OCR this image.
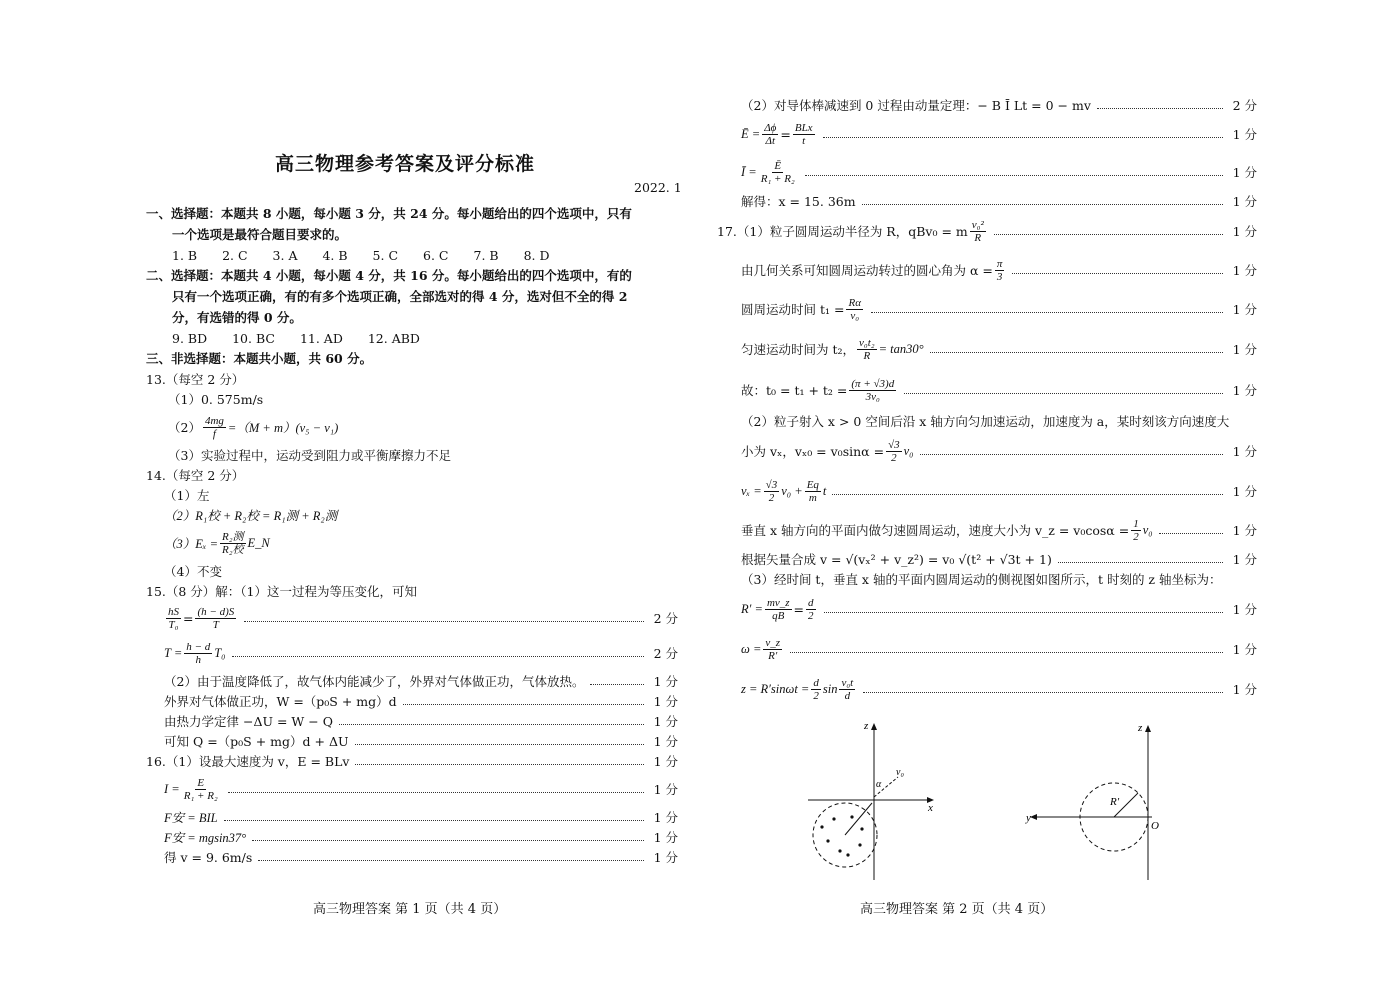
高三物理参考答案及评分标准
2022. 1
一、选择题：本题共 8 小题，每小题 3 分，共 24 分。每小题给出的四个选项中，只有
一个选项是最符合题目要求的。
1. B　　2. C　　3. A　　4. B　　5. C　　6. C　　7. B　　8. D
二、选择题：本题共 4 小题，每小题 4 分，共 16 分。每小题给出的四个选项中，有的
只有一个选项正确，有的有多个选项正确，全部选对的得 4 分，选对但不全的得 2
分，有选错的得 0 分。
9. BD　　10. BC　　11. AD　　12. ABD
三、非选择题：本题共小题，共 60 分。
13.（每空 2 分）
（1）0. 575m/s
$(2) \frac{4mg}{f} =(M + m)(v_5 - v_1)$
（3）实验过程中，运动受到阻力或平衡摩擦力不足
14.（每空 2 分）
（1）左
（2）R₁校 + R₂校 = R₁测 + R₂测
$(3)E_x = \frac{\text{R₂测}}{\text{R₂校}}$ E_N
（4）不变
15.（8 分）解：（1）这一过程为等压变化，可知
$\frac{hS}{\text{T₀}} = \frac{(h - d)S}{T}$	2 分
$T = \frac{h - d}{h} T_0$	2 分
（2）由于温度降低了，故气体内能减少了，外界对气体做正功，气体放热。	1 分
外界对气体做正功，W =（p₀S + mg）d	1 分
由热力学定律 −ΔU = W − Q	1 分
可知 Q =（p₀S + mg）d + ΔU	1 分
16.（1）设最大速度为 v，E = BLv	1 分
$I = \frac{E}{\text{R₁ + R₂}}$	1 分
F安 = BIL	1 分
F安 = mgsin37°	1 分
得 v = 9. 6m/s	1 分
高三物理答案 第 1 页（共 4 页）
（2）对导体棒减速到 0 过程由动量定理：− B Ī Lt = 0 − mv	2 分
Ē = $\frac{\Delta\phi}{\Delta t} = \frac{\text{BLx}}{t}$	1 分
Ī = $\frac{Ē}{\text{R₁ + R₂}}$	1 分
解得：x = 15. 36m	1 分
17.（1）粒子圆周运动半径为 R，qBv₀ = m $\frac{\text{v₀²}}{R}$	1 分
由几何关系可知圆周运动转过的圆心角为 $\alpha = \frac{\pi}{3}$	1 分
圆周运动时间 $t_1 = \frac{R\alpha}{\text{v₀}}$	1 分
匀速运动时间为 t₂， $\frac{\text{v₀t₂}}{R} = \tan 30^\circ$	1 分
故：$t_0 = t_1 + t_2 = \frac{(\pi + √3)d}{\text{3v₀}}$	1 分
（2）粒子射入 x > 0 空间后沿 x 轴方向匀加速运动，加速度为 a，某时刻该方向速度大
小为 vₓ，$v_{x0} = v_0\sin\alpha = \frac{√3}{2} v_0$	1 分
$v_x = \frac{√3}{2} v_0 + \frac{Eq}{m}$ t	1 分
垂直 x 轴方向的平面内做匀速圆周运动，速度大小为 v_z = $v_0\cos\alpha = \frac{1}{2} v_0$	1 分
根据矢量合成 v = √(vₓ² + v_z²) = v₀ √(t² + √3t + 1)	1 分
（3）经时间 t，垂直 x 轴的平面内圆周运动的侧视图如图所示，t 时刻的 z 轴坐标为：
$R' = \frac{mv\_z}{qB} = \frac{d}{2}$	1 分
$\omega = \frac{v\_z}{R'}$	1 分
$z = R'\sin\omega t = \frac{d}{2}$ $\sin \frac{\text{v₀t}}{d}$	1 分
z
x
α
v₀
z
y
R′
O
高三物理答案 第 2 页（共 4 页）
